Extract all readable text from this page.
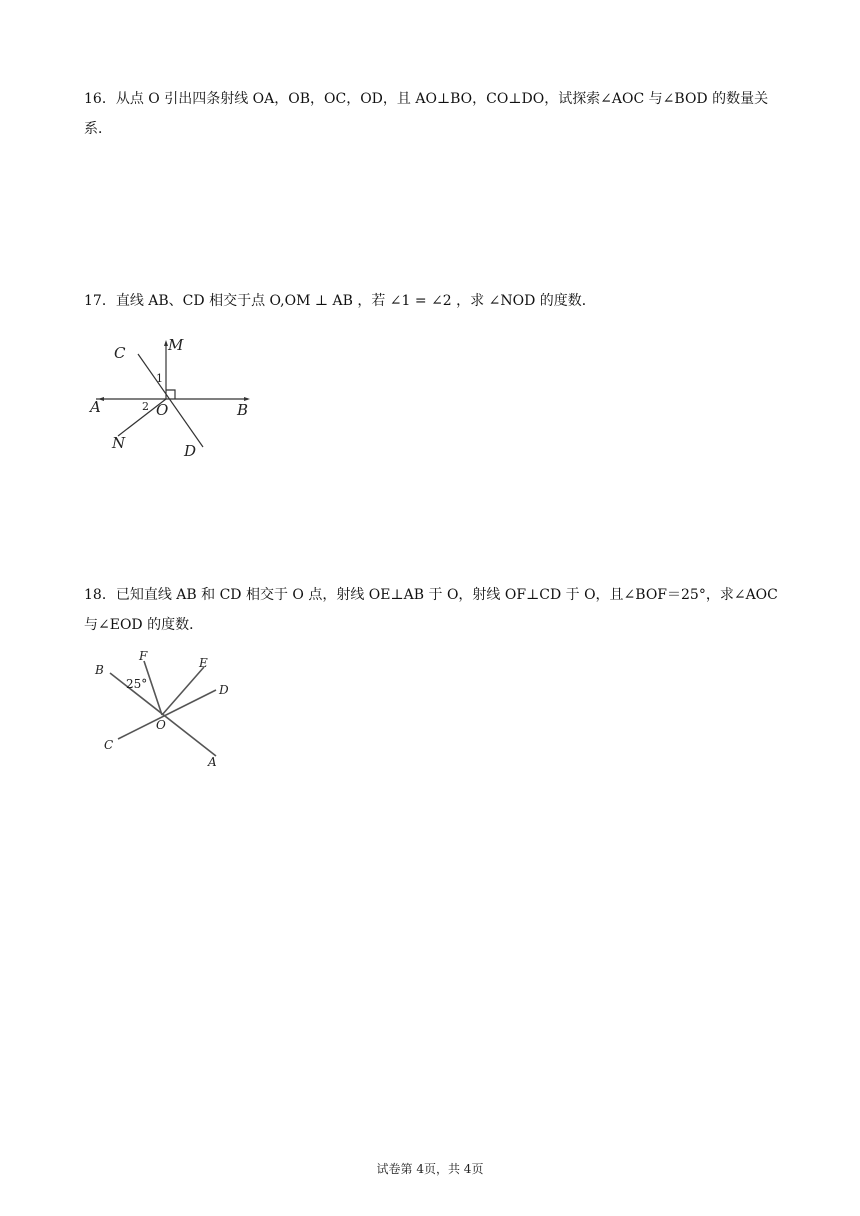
16．从点 O 引出四条射线 OA，OB，OC，OD，且 AO⊥BO，CO⊥DO，试探索∠AOC 与∠BOD 的数量关系．

17．直线 AB、CD 相交于点 O,OM ⊥ AB ，若 ∠1 = ∠2 ，求 ∠NOD 的度数．

C	M
1
A	2 O	B
N	D

18．已知直线 AB 和 CD 相交于 O 点，射线 OE⊥AB 于 O，射线 OF⊥CD 于 O，且∠BOF＝25°，求∠AOC

与∠EOD 的度数．

B
F
25°
E
D
O
C
A
试卷第 4页，共 4页
